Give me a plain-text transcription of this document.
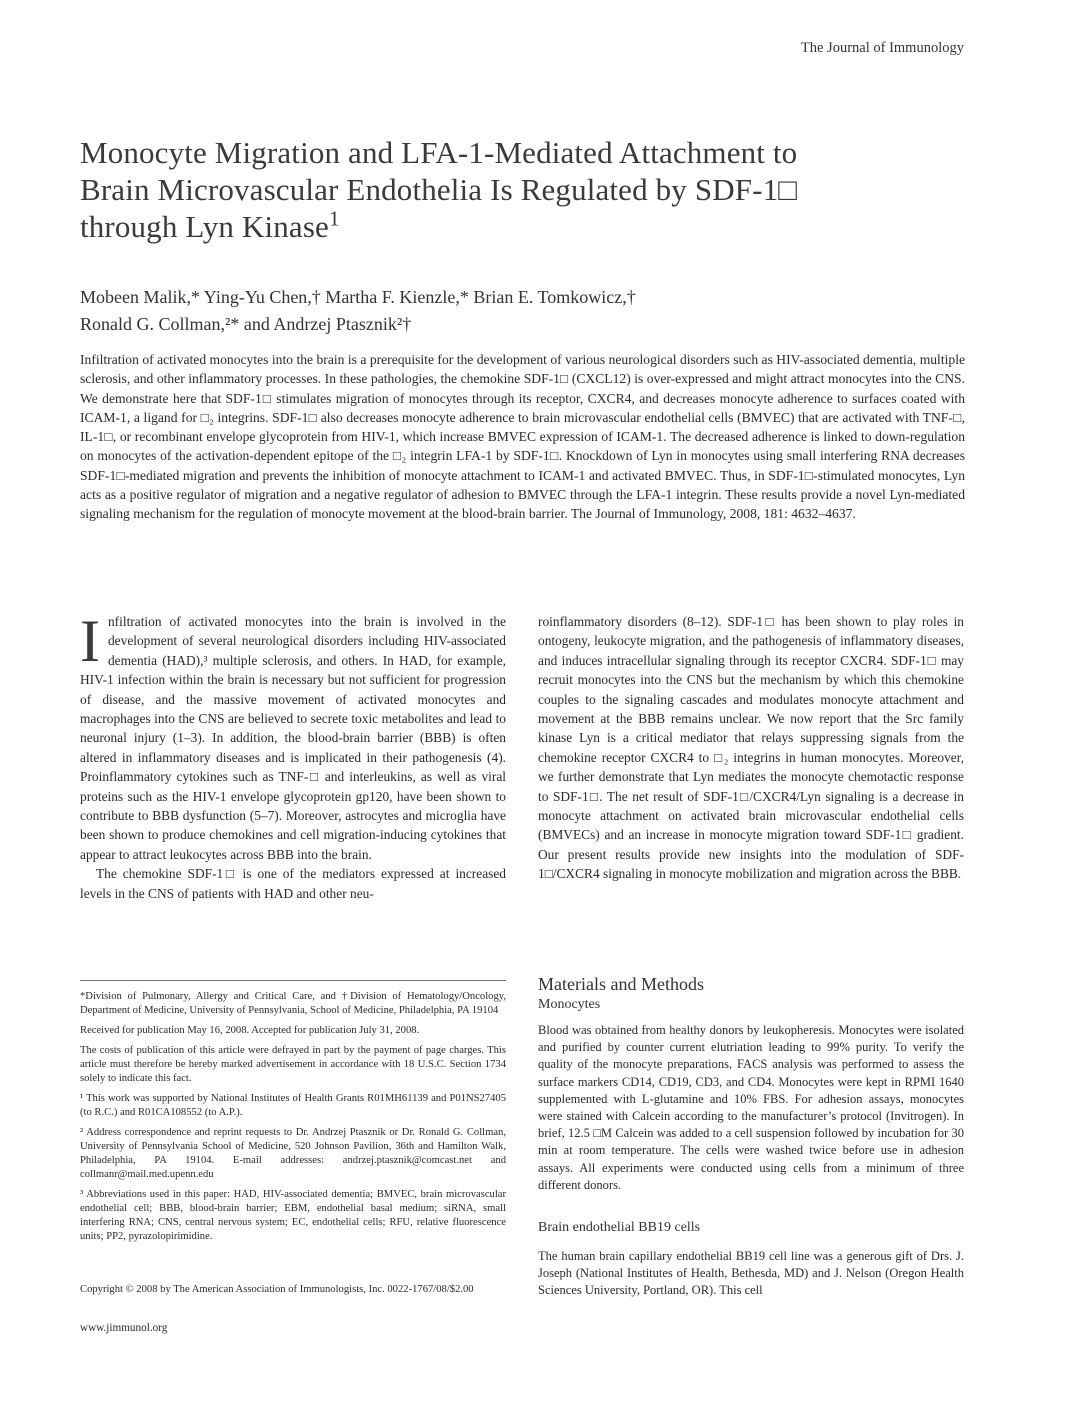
The Journal of Immunology
Monocyte Migration and LFA-1-Mediated Attachment to
Brain Microvascular Endothelia Is Regulated by SDF-1□
through Lyn Kinase$^1$
Mobeen Malik,* Ying-Yu Chen,† Martha F. Kienzle,* Brian E. Tomkowicz,†
Ronald G. Collman,²* and Andrzej Ptasznik²†

Infiltration of activated monocytes into the brain is a prerequisite for the development of various neurological disorders such as HIV-associated dementia, multiple sclerosis, and other inflammatory processes. In these pathologies, the chemokine SDF-1□ (CXCL12) is over-expressed and might attract monocytes into the CNS. We demonstrate here that SDF-1□ stimulates migration of monocytes through its receptor, CXCR4, and decreases monocyte adherence to surfaces coated with ICAM-1, a ligand for □₂ integrins. SDF-1□ also decreases monocyte adherence to brain microvascular endothelial cells (BMVEC) that are activated with TNF-□, IL-1□, or recombinant envelope glycoprotein from HIV-1, which increase BMVEC expression of ICAM-1. The decreased adherence is linked to down-regulation on monocytes of the activation-dependent epitope of the □₂ integrin LFA-1 by SDF-1□. Knockdown of Lyn in monocytes using small interfering RNA decreases SDF-1□-mediated migration and prevents the inhibition of monocyte attachment to ICAM-1 and activated BMVEC. Thus, in SDF-1□-stimulated monocytes, Lyn acts as a positive regulator of migration and a negative regulator of adhesion to BMVEC through the LFA-1 integrin. These results provide a novel Lyn-mediated signaling mechanism for the regulation of monocyte movement at the blood-brain barrier. The Journal of Immunology, 2008, 181: 4632–4637.

Infiltration of activated monocytes into the brain is involved in the development of several neurological disorders including HIV-associated dementia (HAD),³ multiple sclerosis, and others. In HAD, for example, HIV-1 infection within the brain is necessary but not sufficient for progression of disease, and the massive movement of activated monocytes and macrophages into the CNS are believed to secrete toxic metabolites and lead to neuronal injury (1–3). In addition, the blood-brain barrier (BBB) is often altered in inflammatory diseases and is implicated in their pathogenesis (4). Proinflammatory cytokines such as TNF-□ and interleukins, as well as viral proteins such as the HIV-1 envelope glycoprotein gp120, have been shown to contribute to BBB dysfunction (5–7). Moreover, astrocytes and microglia have been shown to produce chemokines and cell migration-inducing cytokines that appear to attract leukocytes across BBB into the brain.

The chemokine SDF-1□ is one of the mediators expressed at increased levels in the CNS of patients with HAD and other neu-

roinflammatory disorders (8–12). SDF-1□ has been shown to play roles in ontogeny, leukocyte migration, and the pathogenesis of inflammatory diseases, and induces intracellular signaling through its receptor CXCR4. SDF-1□ may recruit monocytes into the CNS but the mechanism by which this chemokine couples to the signaling cascades and modulates monocyte attachment and movement at the BBB remains unclear. We now report that the Src family kinase Lyn is a critical mediator that relays suppressing signals from the chemokine receptor CXCR4 to □₂ integrins in human monocytes. Moreover, we further demonstrate that Lyn mediates the monocyte chemotactic response to SDF-1□. The net result of SDF-1□/CXCR4/Lyn signaling is a decrease in monocyte attachment on activated brain microvascular endothelial cells (BMVECs) and an increase in monocyte migration toward SDF-1□ gradient. Our present results provide new insights into the modulation of SDF-1□/CXCR4 signaling in monocyte mobilization and migration across the BBB.

*Division of Pulmonary, Allergy and Critical Care, and †Division of Hematology/Oncology, Department of Medicine, University of Pennsylvania, School of Medicine, Philadelphia, PA 19104

Received for publication May 16, 2008. Accepted for publication July 31, 2008.

The costs of publication of this article were defrayed in part by the payment of page charges. This article must therefore be hereby marked advertisement in accordance with 18 U.S.C. Section 1734 solely to indicate this fact.

¹ This work was supported by National Institutes of Health Grants R01MH61139 and P01NS27405 (to R.C.) and R01CA108552 (to A.P.).

² Address correspondence and reprint requests to Dr. Andrzej Ptasznik or Dr. Ronald G. Collman, University of Pennsylvania School of Medicine, 520 Johnson Pavilion, 36th and Hamilton Walk, Philadelphia, PA 19104. E-mail addresses: andrzej.ptasznik@comcast.net and collmanr@mail.med.upenn.edu

³ Abbreviations used in this paper: HAD, HIV-associated dementia; BMVEC, brain microvascular endothelial cell; BBB, blood-brain barrier; EBM, endothelial basal medium; siRNA, small interfering RNA; CNS, central nervous system; EC, endothelial cells; RFU, relative fluorescence units; PP2, pyrazolopirimidine.

Copyright © 2008 by The American Association of Immunologists, Inc. 0022-1767/08/$2.00
www.jimmunol.org
Materials and Methods
Monocytes
Blood was obtained from healthy donors by leukopheresis. Monocytes were isolated and purified by counter current elutriation leading to 99% purity. To verify the quality of the monocyte preparations, FACS analysis was performed to assess the surface markers CD14, CD19, CD3, and CD4. Monocytes were kept in RPMI 1640 supplemented with L-glutamine and 10% FBS. For adhesion assays, monocytes were stained with Calcein according to the manufacturer’s protocol (Invitrogen). In brief, 12.5 □M Calcein was added to a cell suspension followed by incubation for 30 min at room temperature. The cells were washed twice before use in adhesion assays. All experiments were conducted using cells from a minimum of three different donors.
Brain endothelial BB19 cells
The human brain capillary endothelial BB19 cell line was a generous gift of Drs. J. Joseph (National Institutes of Health, Bethesda, MD) and J. Nelson (Oregon Health Sciences University, Portland, OR). This cell
